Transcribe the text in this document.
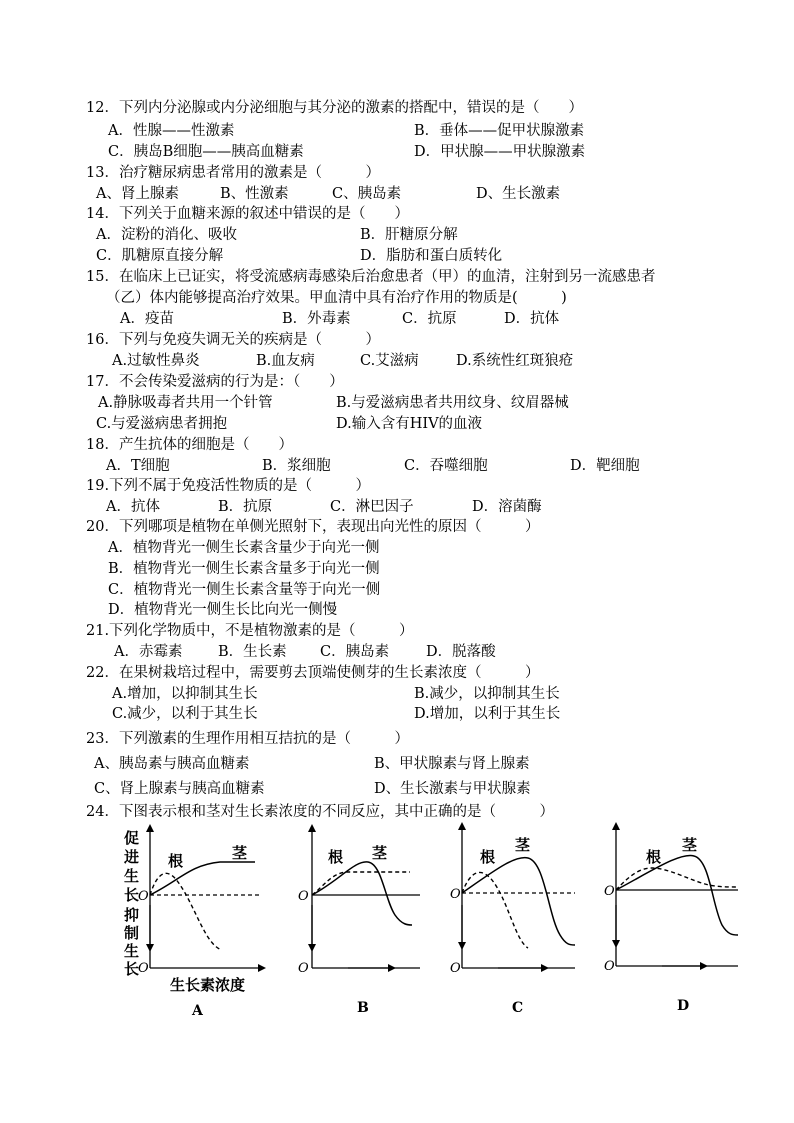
12．下列内分泌腺或内分泌细胞与其分泌的激素的搭配中，错误的是（　　）
A．性腺——性激素	B．垂体——促甲状腺激素
C．胰岛B细胞——胰高血糖素	D．甲状腺——甲状腺激素
13．治疗糖尿病患者常用的激素是（　　　）
A、肾上腺素	B、性激素	C、胰岛素	D、生长激素
14．下列关于血糖来源的叙述中错误的是（　　）
A．淀粉的消化、吸收	B．肝糖原分解
C．肌糖原直接分解	D．脂肪和蛋白质转化
15．在临床上已证实，将受流感病毒感染后治愈患者（甲）的血清，注射到另一流感患者
（乙）体内能够提高治疗效果。甲血清中具有治疗作用的物质是(　　　)
A．疫苗	B．外毒素	C．抗原	D．抗体
16．下列与免疫失调无关的疾病是（　　　）
A.过敏性鼻炎	B.血友病	C.艾滋病	D.系统性红斑狼疮
17．不会传染爱滋病的行为是：（　　）
A.静脉吸毒者共用一个针管	B.与爱滋病患者共用纹身、纹眉器械
C.与爱滋病患者拥抱	D.输入含有HIV的血液
18．产生抗体的细胞是（　　）
A．T细胞	B．浆细胞	C．吞噬细胞	D．靶细胞
19.下列不属于免疫活性物质的是（　　　）
A．抗体	B．抗原	C．淋巴因子	D．溶菌酶
20．下列哪项是植物在单侧光照射下，表现出向光性的原因（　　　）
A．植物背光一侧生长素含量少于向光一侧
B．植物背光一侧生长素含量多于向光一侧
C．植物背光一侧生长素含量等于向光一侧
D．植物背光一侧生长比向光一侧慢
21.下列化学物质中，不是植物激素的是（　　　）
A．赤霉素 B．生长素 C．胰岛素	D．脱落酸
22．在果树栽培过程中，需要剪去顶端使侧芽的生长素浓度（　　　）
A.增加，以抑制其生长	B.减少，以抑制其生长
C.减少，以利于其生长	D.增加，以利于其生长
23．下列激素的生理作用相互拮抗的是（　　　）
A、胰岛素与胰高血糖素	B、甲状腺素与肾上腺素
C、肾上腺素与胰高血糖素	D、生长激素与甲状腺素
24．下图表示根和茎对生长素浓度的不同反应，其中正确的是（　　　）
促
进
生
长
抑
制
生
长
O
O
根	茎
生长素浓度
A
O
O
根 茎
B
O
O
根
茎
C
O
O
根
茎
D
